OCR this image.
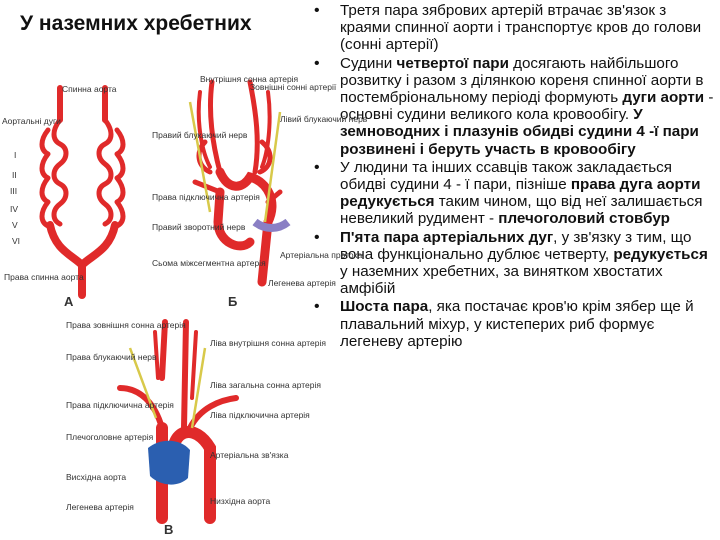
У наземних хребетних
• Третя пара зябрових артерій втрачає зв'язок з краями спинної аорти і транспортує кров до голови (сонні артерії)
• Судини четвертої пари досягають найбільшого розвитку і разом з ділянкою кореня спинної аорти в постембріональному періоді формують дуги аорти - основні судини великого кола кровообігу. У земноводних і плазунів обидві судини 4 -ї пари розвинені і беруть участь в кровообігу
• У людини та інших ссавців також закладається обидві судини 4 - ї пари, пізніше права дуга аорти редукується таким чином, що від неї залишається невеликий рудимент - плечоголовий стовбур
• П'ята пара артеріальних дуг, у зв'язку з тим, що вона функціонально дублює четверту, редукується у наземних хребетних, за винятком хвостатих амфібій
• Шоста пара, яка постачає кров'ю крім зябер ще й плавальний міхур, у кистеперих риб формує легеневу артерію
Спинна аорта
Аортальні дуги
I
II
III
IV
V
VI
Права спинна аорта
А
Внутрішня сонна артерія
Зовнішні сонні артерії
Лівий блукаючий нерв
Правий блукаючий нерв
Права підключична артерія
Правий зворотний нерв
Сьома міжсегментна артерія
Артеріальна протока
Легенева артерія
Б
Права зовнішня сонна артерія
Права блукаючий нерв
Права підключична артерія
Плечоголовне артерія
Висхідна аорта
Легенева артерія
Ліва внутрішня сонна артерія
Ліва загальна сонна артерія
Ліва підключична артерія
Артеріальна зв'язка
Низхідна аорта
В
